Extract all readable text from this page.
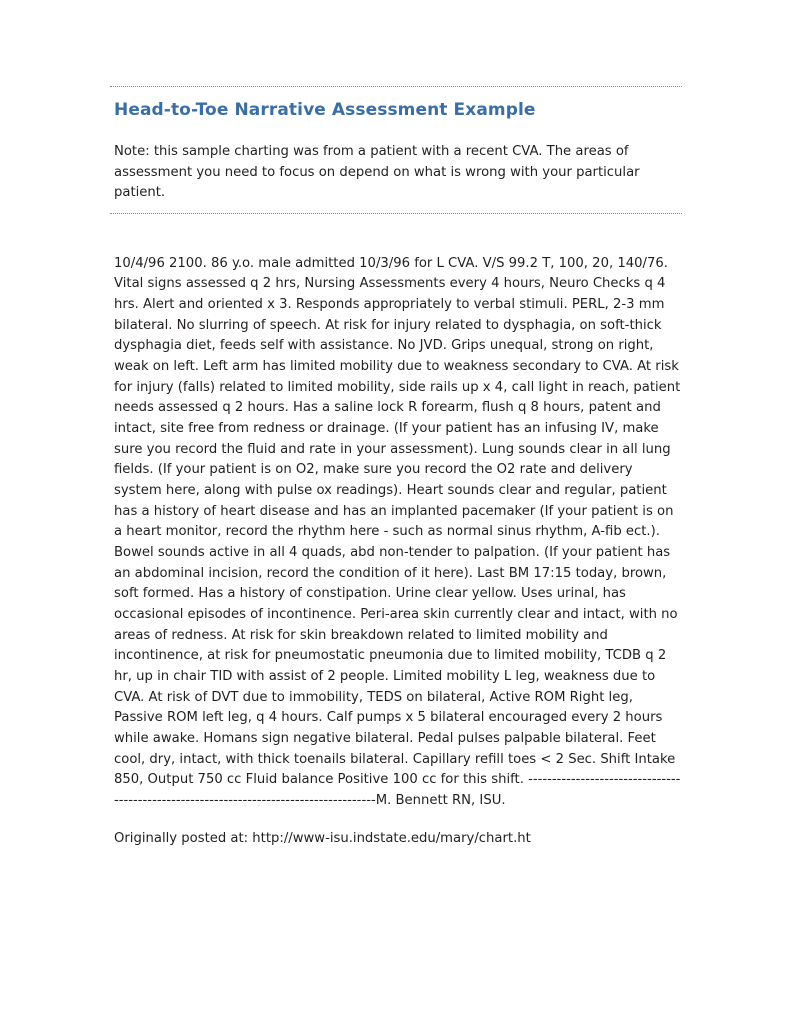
Head-to-Toe Narrative Assessment Example

Note: this sample charting was from a patient with a recent CVA. The areas of assessment you need to focus on depend on what is wrong with your particular patient.

10/4/96 2100. 86 y.o. male admitted 10/3/96 for L CVA. V/S 99.2 T, 100, 20, 140/76. Vital signs assessed q 2 hrs, Nursing Assessments every 4 hours, Neuro Checks q 4 hrs. Alert and oriented x 3. Responds appropriately to verbal stimuli. PERL, 2-3 mm bilateral. No slurring of speech. At risk for injury related to dysphagia, on soft-thick dysphagia diet, feeds self with assistance. No JVD. Grips unequal, strong on right, weak on left. Left arm has limited mobility due to weakness secondary to CVA. At risk for injury (falls) related to limited mobility, side rails up x 4, call light in reach, patient needs assessed q 2 hours. Has a saline lock R forearm, flush q 8 hours, patent and intact, site free from redness or drainage. (If your patient has an infusing IV, make sure you record the fluid and rate in your assessment). Lung sounds clear in all lung fields. (If your patient is on O2, make sure you record the O2 rate and delivery system here, along with pulse ox readings). Heart sounds clear and regular, patient has a history of heart disease and has an implanted pacemaker (If your patient is on a heart monitor, record the rhythm here - such as normal sinus rhythm, A-fib ect.). Bowel sounds active in all 4 quads, abd non-tender to palpation. (If your patient has an abdominal incision, record the condition of it here). Last BM 17:15 today, brown, soft formed. Has a history of constipation. Urine clear yellow. Uses urinal, has occasional episodes of incontinence. Peri-area skin currently clear and intact, with no areas of redness. At risk for skin breakdown related to limited mobility and incontinence, at risk for pneumostatic pneumonia due to limited mobility, TCDB q 2 hr, up in chair TID with assist of 2 people. Limited mobility L leg, weakness due to CVA. At risk of DVT due to immobility, TEDS on bilateral, Active ROM Right leg, Passive ROM left leg, q 4 hours. Calf pumps x 5 bilateral encouraged every 2 hours while awake. Homans sign negative bilateral. Pedal pulses palpable bilateral. Feet cool, dry, intact, with thick toenails bilateral. Capillary refill toes < 2 Sec. Shift Intake 850, Output 750 cc Fluid balance Positive 100 cc for this shift. ---------------------------------------------------------------------------------------M. Bennett RN, ISU.

Originally posted at: http://www-isu.indstate.edu/mary/chart.ht
